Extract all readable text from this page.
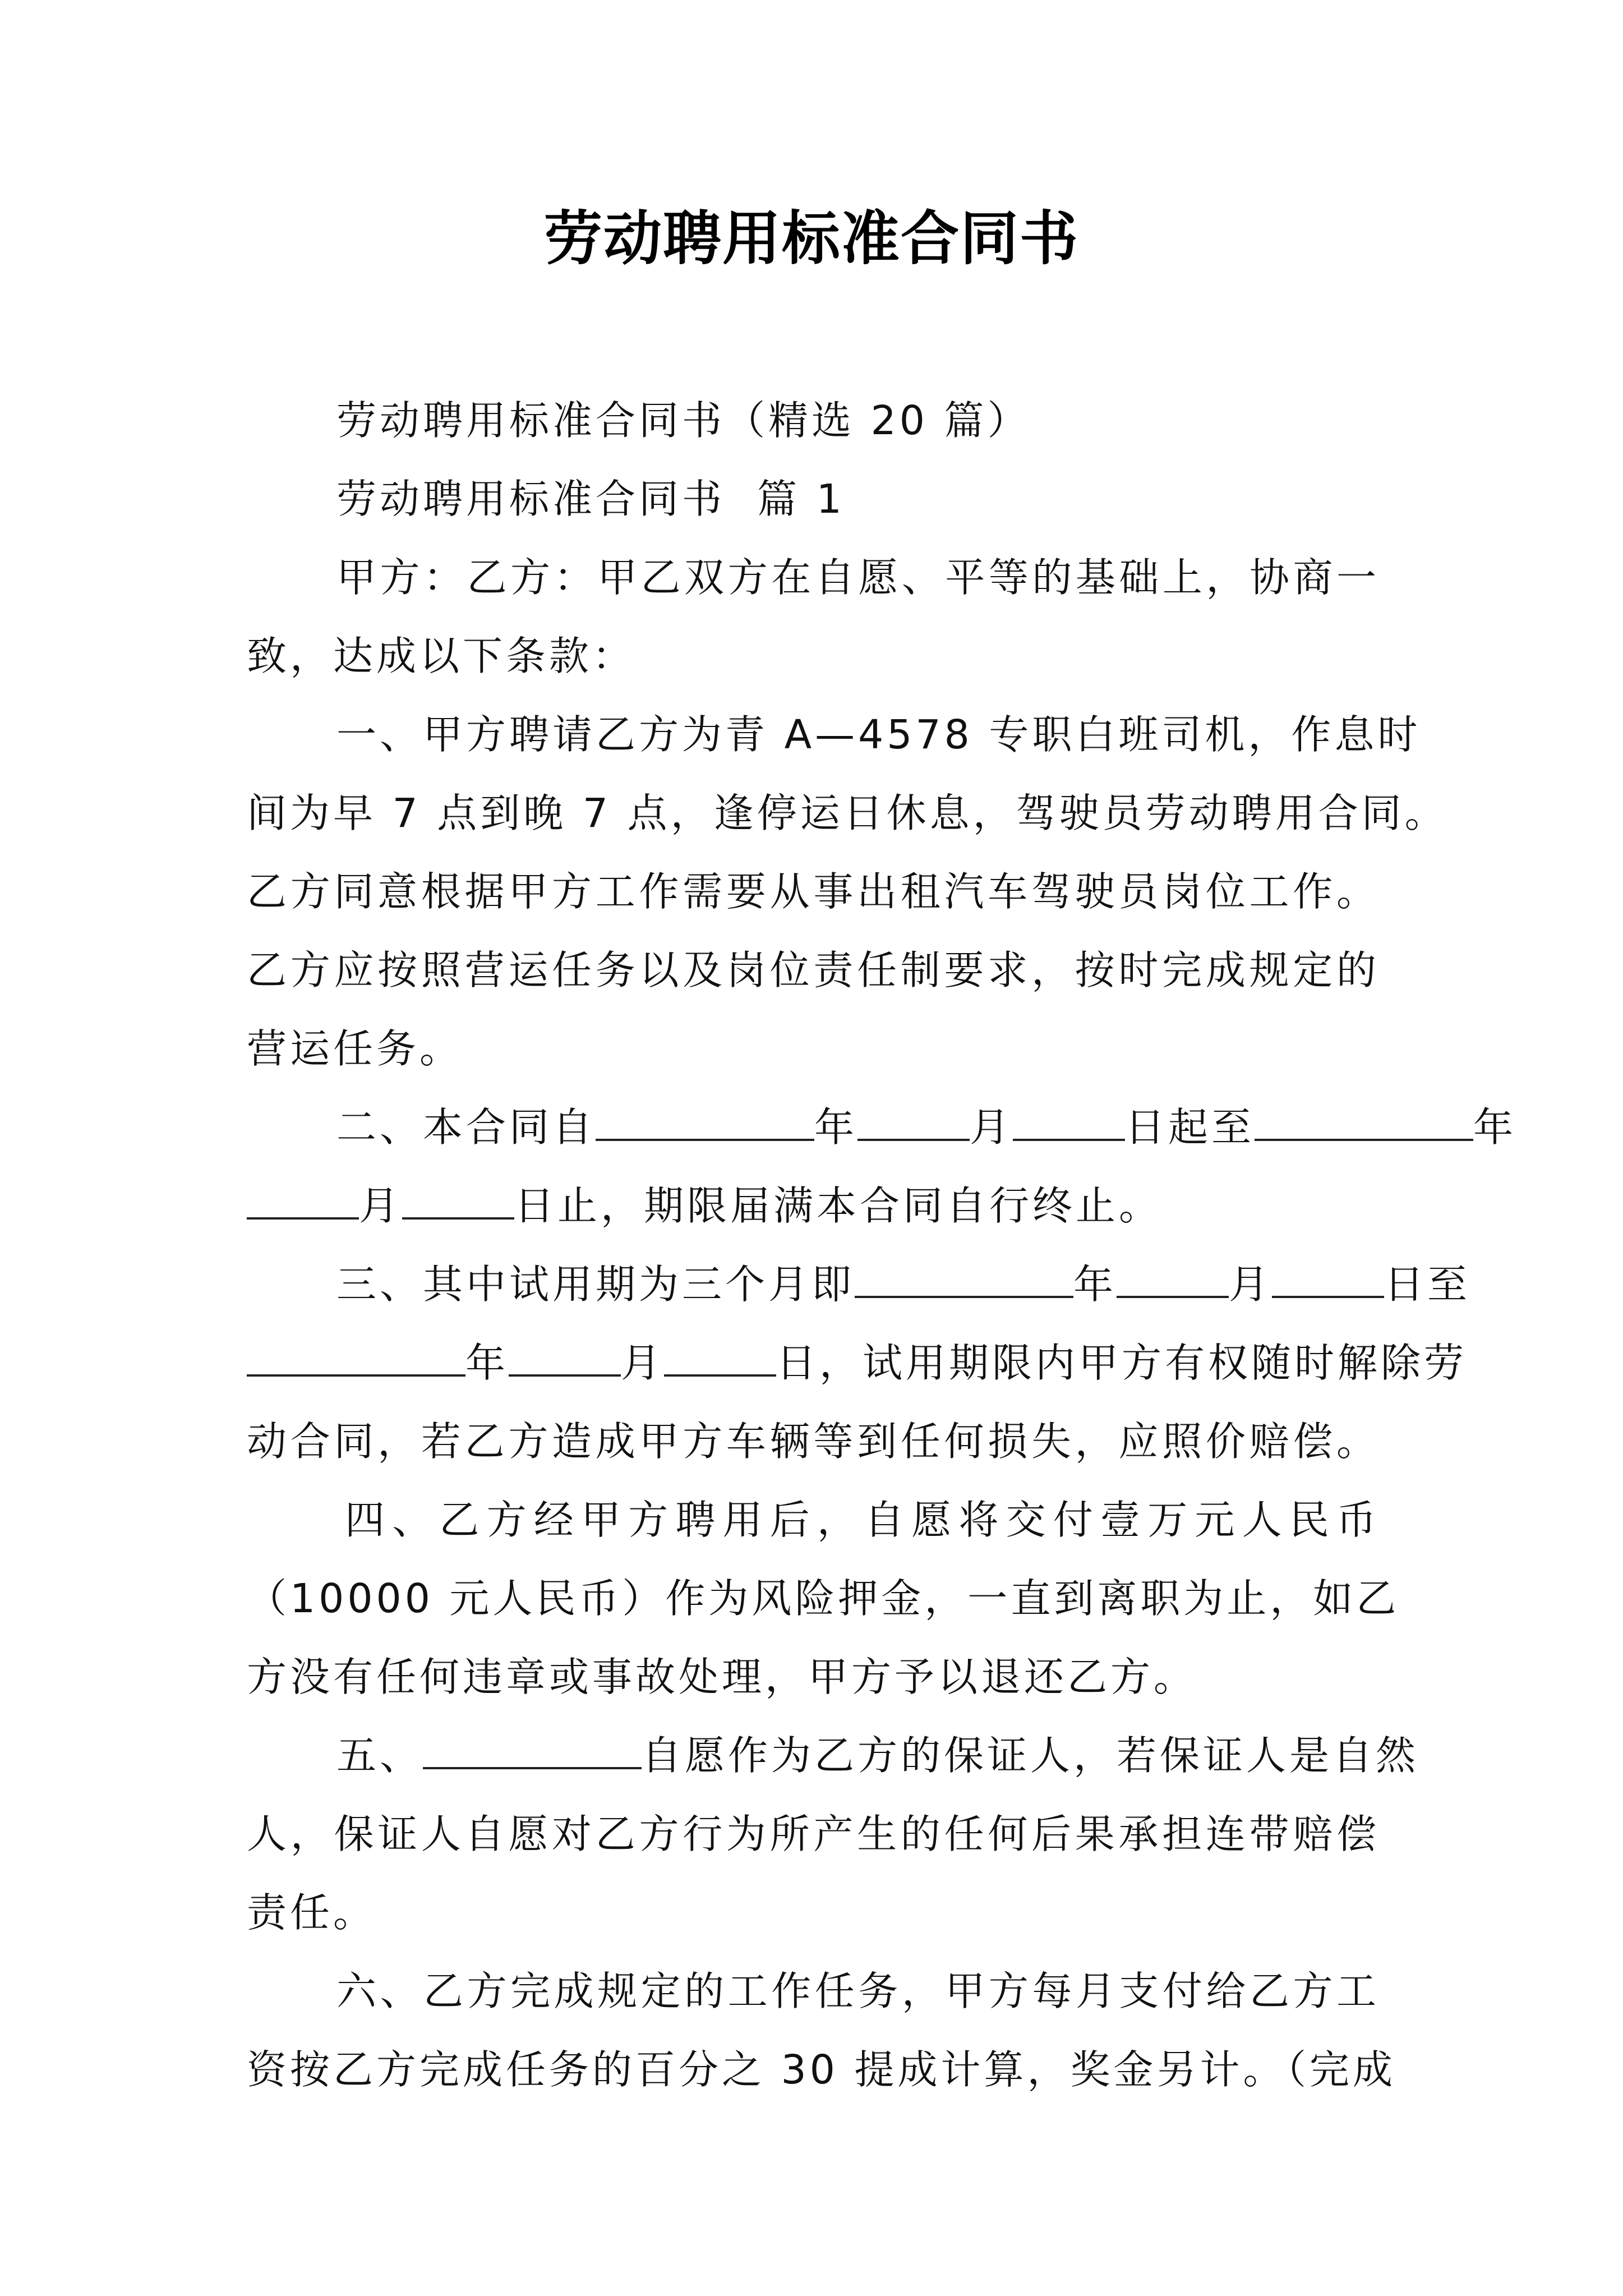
劳动聘用标准合同书

劳动聘用标准合同书（精选 20 篇）

劳动聘用标准合同书  篇 1

甲方：乙方：甲乙双方在自愿、平等的基础上，协商一

致，达成以下条款：

一、甲方聘请乙方为青 A—4578 专职白班司机，作息时

间为早 7 点到晚 7 点，逢停运日休息，驾驶员劳动聘用合同。

乙方同意根据甲方工作需要从事出租汽车驾驶员岗位工作。

乙方应按照营运任务以及岗位责任制要求，按时完成规定的

营运任务。

二、本合同自	年	月	日起至	年

月	日止，期限届满本合同自行终止。

三、其中试用期为三个月即	年	月	日至

年	月	日，试用期限内甲方有权随时解除劳

动合同，若乙方造成甲方车辆等到任何损失，应照价赔偿。

四、乙方经甲方聘用后，自愿将交付壹万元人民币

（10000 元人民币）作为风险押金，一直到离职为止，如乙

方没有任何违章或事故处理，甲方予以退还乙方。

五、	自愿作为乙方的保证人，若保证人是自然

人，保证人自愿对乙方行为所产生的任何后果承担连带赔偿

责任。

六、乙方完成规定的工作任务，甲方每月支付给乙方工

资按乙方完成任务的百分之 30 提成计算，奖金另计。（完成
